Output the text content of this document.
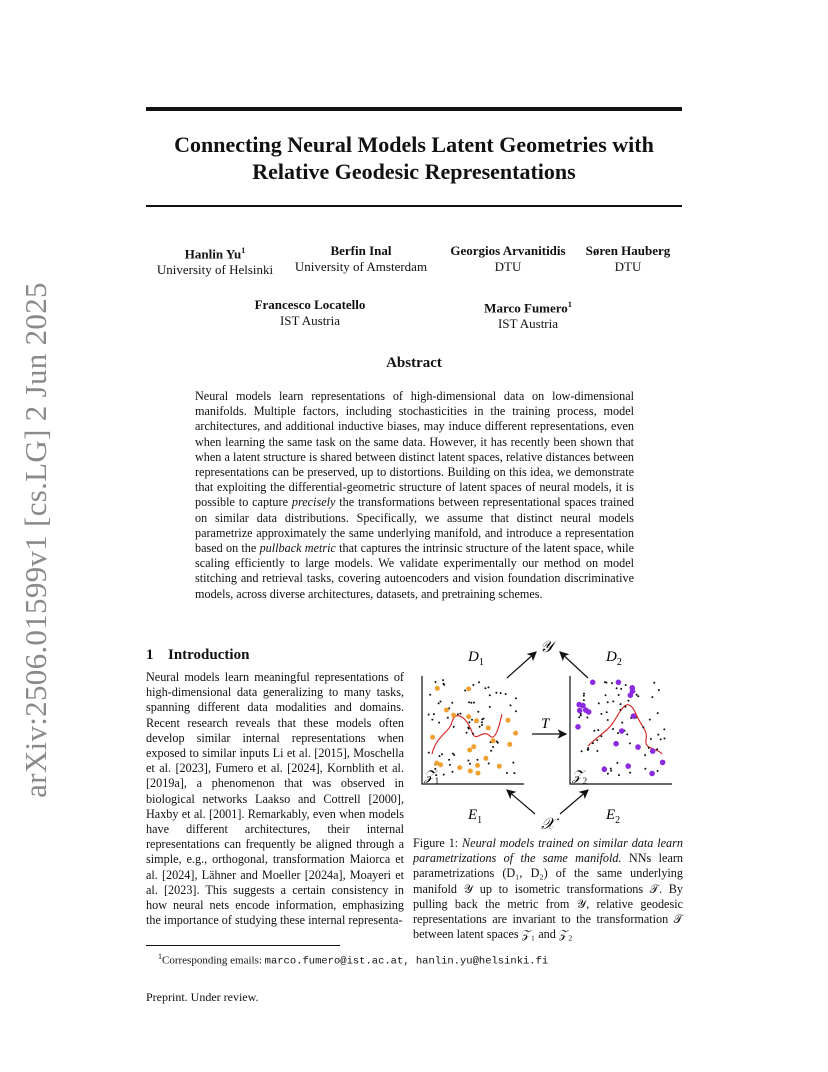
arXiv:2506.01599v1 [cs.LG] 2 Jun 2025
Connecting Neural Models Latent Geometries with
Relative Geodesic Representations
Hanlin Yu$^1$
University of Helsinki
Berfin Inal
University of Amsterdam
Georgios Arvanitidis
DTU
Søren Hauberg
DTU
Francesco Locatello
IST Austria
Marco Fumero$^1$
IST Austria
Abstract
Neural models learn representations of high-dimensional data on low-dimensional manifolds. Multiple factors, including stochasticities in the training process, model architectures, and additional inductive biases, may induce different representations, even when learning the same task on the same data. However, it has recently been shown that when a latent structure is shared between distinct latent spaces, relative distances between representations can be preserved, up to distortions. Building on this idea, we demonstrate that exploiting the differential-geometric structure of latent spaces of neural models, it is possible to capture precisely the transformations between representational spaces trained on similar data distributions. Specifically, we assume that distinct neural models parametrize approximately the same underlying manifold, and introduce a representation based on the pullback metric that captures the intrinsic structure of the latent space, while scaling efficiently to large models. We validate experimentally our method on model stitching and retrieval tasks, covering autoencoders and vision foundation discriminative models, across diverse architectures, datasets, and pretraining schemes.
1 Introduction
Neural models learn meaningful representations of high-dimensional data generalizing to many tasks, spanning different data modalities and domains. Recent research reveals that these models often develop similar internal representations when exposed to similar inputs Li et al. [2015], Moschella et al. [2023], Fumero et al. [2024], Kornblith et al. [2019a], a phenomenon that was observed in biological networks Laakso and Cottrell [2000], Haxby et al. [2001]. Remarkably, even when models have different architectures, their internal representations can frequently be aligned through a simple, e.g., orthogonal, transformation Maiorca et al. [2024], Lähner and Moeller [2024a], Moayeri et al. [2023]. This suggests a certain consistency in how neural nets encode information, emphasizing the importance of studying these internal representa-
$D_1$
𝒴
$D_2$
T
$E_1$	𝒳
$E_2$
𝒵$_1$	𝒵$_2$
Figure 1: Neural models trained on similar data learn parametrizations of the same manifold. NNs learn parametrizations (D₁, D₂) of the same underlying manifold 𝒴 up to isometric transformations 𝒯. By pulling back the metric from 𝒴, relative geodesic representations are invariant to the transformation 𝒯 between latent spaces 𝒵₁ and 𝒵₂
$^1$Corresponding emails: marco.fumero@ist.ac.at, hanlin.yu@helsinki.fi
Preprint. Under review.
